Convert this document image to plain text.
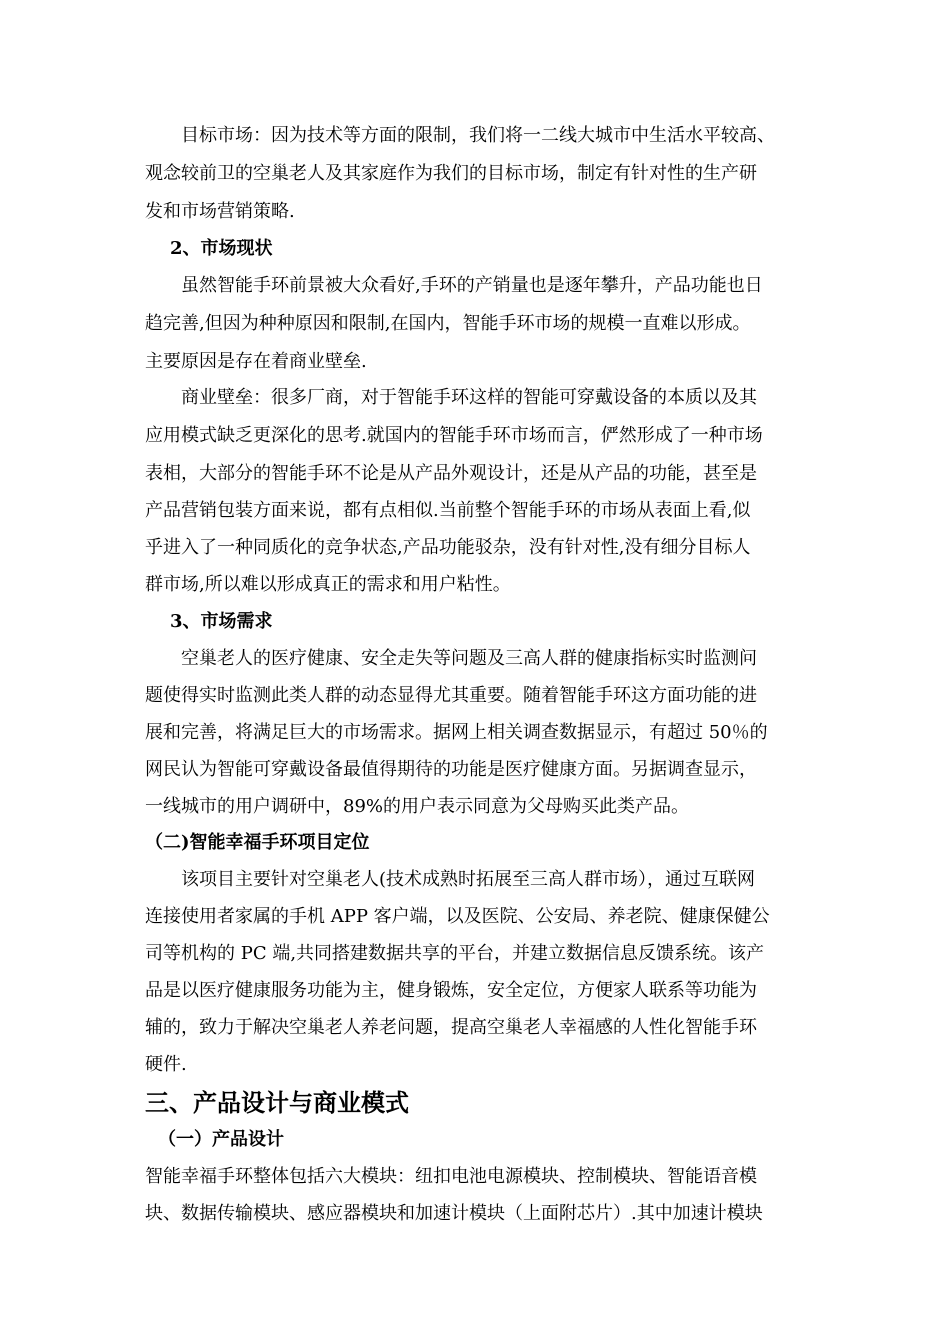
目标市场：因为技术等方面的限制，我们将一二线大城市中生活水平较高、
观念较前卫的空巢老人及其家庭作为我们的目标市场，制定有针对性的生产研
发和市场营销策略.
2、市场现状
虽然智能手环前景被大众看好,手环的产销量也是逐年攀升，产品功能也日
趋完善,但因为种种原因和限制,在国内，智能手环市场的规模一直难以形成。
主要原因是存在着商业壁垒.
商业壁垒：很多厂商，对于智能手环这样的智能可穿戴设备的本质以及其
应用模式缺乏更深化的思考.就国内的智能手环市场而言，俨然形成了一种市场
表相，大部分的智能手环不论是从产品外观设计，还是从产品的功能，甚至是
产品营销包装方面来说，都有点相似.当前整个智能手环的市场从表面上看,似
乎进入了一种同质化的竞争状态,产品功能驳杂，没有针对性,没有细分目标人
群市场,所以难以形成真正的需求和用户粘性。
3、市场需求
空巢老人的医疗健康、安全走失等问题及三高人群的健康指标实时监测问
题使得实时监测此类人群的动态显得尤其重要。随着智能手环这方面功能的进
展和完善，将满足巨大的市场需求。据网上相关调查数据显示，有超过 50％的
网民认为智能可穿戴设备最值得期待的功能是医疗健康方面。另据调查显示，
一线城市的用户调研中，89%的用户表示同意为父母购买此类产品。
（二)智能幸福手环项目定位
该项目主要针对空巢老人(技术成熟时拓展至三高人群市场），通过互联网
连接使用者家属的手机 APP 客户端，以及医院、公安局、养老院、健康保健公
司等机构的 PC 端,共同搭建数据共享的平台，并建立数据信息反馈系统。该产
品是以医疗健康服务功能为主，健身锻炼，安全定位，方便家人联系等功能为
辅的，致力于解决空巢老人养老问题，提高空巢老人幸福感的人性化智能手环
硬件.
三、产品设计与商业模式
（一）产品设计
智能幸福手环整体包括六大模块：纽扣电池电源模块、控制模块、智能语音模
块、数据传输模块、感应器模块和加速计模块（上面附芯片）.其中加速计模块
